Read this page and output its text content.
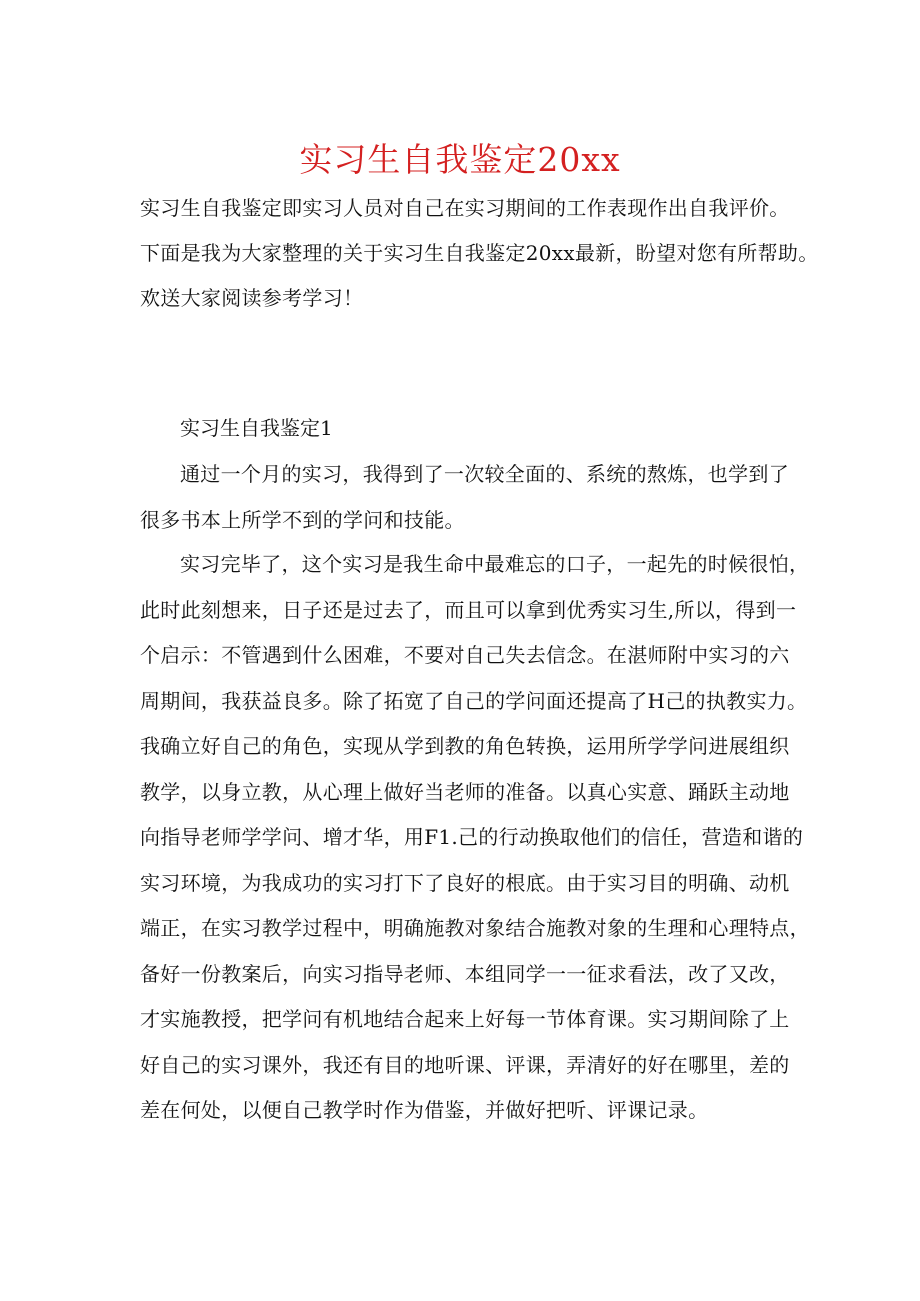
实习生自我鉴定20xx
实习生自我鉴定即实习人员对自己在实习期间的工作表现作出自我评价。
下面是我为大家整理的关于实习生自我鉴定20xx最新，盼望对您有所帮助。
欢送大家阅读参考学习！
实习生自我鉴定1
通过一个月的实习，我得到了一次较全面的、系统的熬炼，也学到了
很多书本上所学不到的学问和技能。
实习完毕了，这个实习是我生命中最难忘的口子，一起先的时候很怕，
此时此刻想来，日子还是过去了，而且可以拿到优秀实习生,所以，得到一
个启示：不管遇到什么困难，不要对自己失去信念。在湛师附中实习的六
周期间，我获益良多。除了拓宽了自己的学问面还提高了H己的执教实力。
我确立好自己的角色，实现从学到教的角色转换，运用所学学问进展组织
教学，以身立教，从心理上做好当老师的准备。以真心实意、踊跃主动地
向指导老师学学问、增才华，用F1.己的行动换取他们的信任，营造和谐的
实习环境，为我成功的实习打下了良好的根底。由于实习目的明确、动机
端正，在实习教学过程中，明确施教对象结合施教对象的生理和心理特点，
备好一份教案后，向实习指导老师、本组同学一一征求看法，改了又改，
才实施教授，把学问有机地结合起来上好每一节体育课。实习期间除了上
好自己的实习课外，我还有目的地听课、评课，弄清好的好在哪里，差的
差在何处，以便自己教学时作为借鉴，并做好把听、评课记录。
